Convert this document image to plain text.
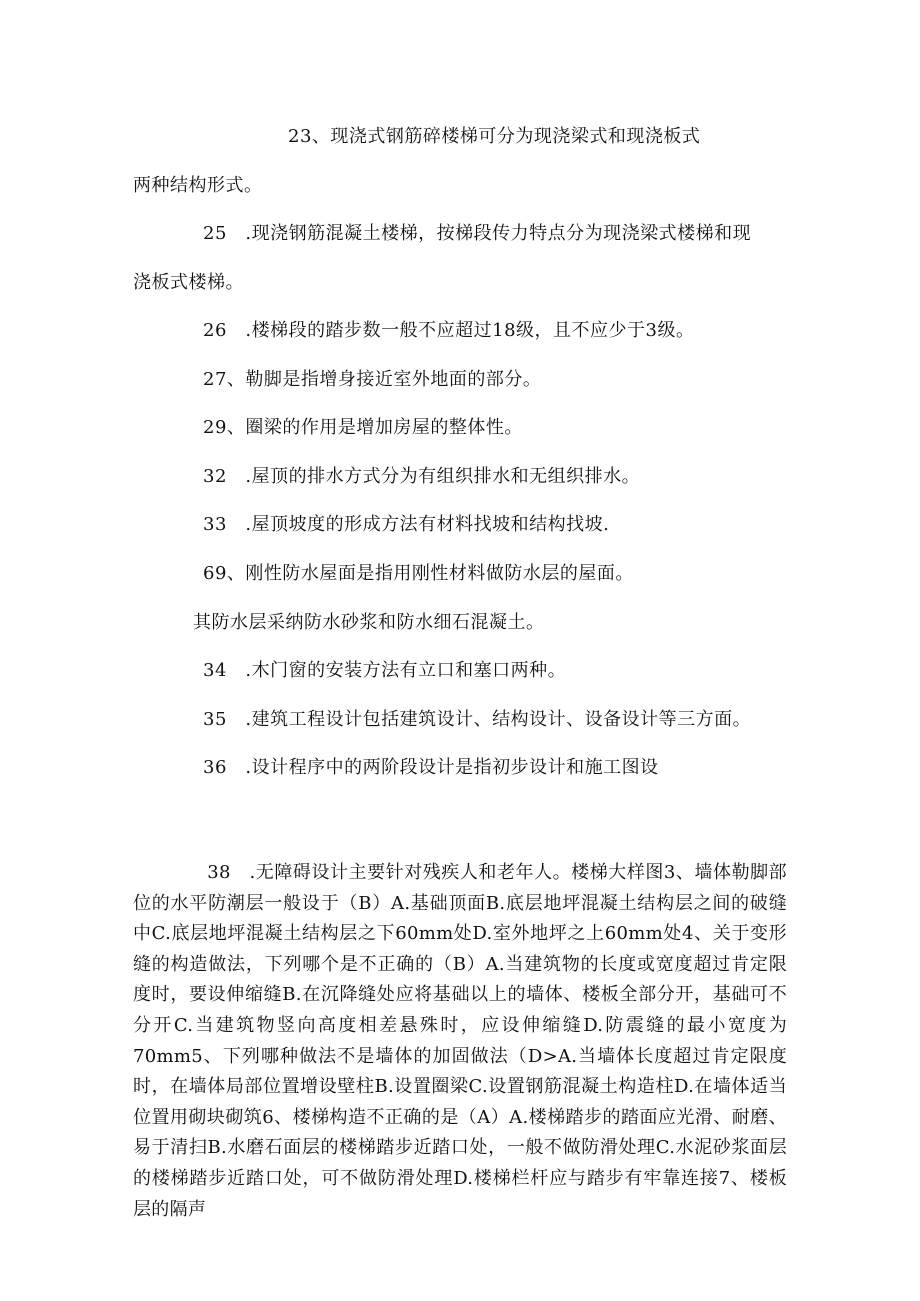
23、现浇式钢筋碎楼梯可分为现浇梁式和现浇板式
两种结构形式。
25　.现浇钢筋混凝土楼梯，按梯段传力特点分为现浇梁式楼梯和现
浇板式楼梯。
26　.楼梯段的踏步数一般不应超过18级，且不应少于3级。
27、勒脚是指增身接近室外地面的部分。
29、圈梁的作用是增加房屋的整体性。
32　.屋顶的排水方式分为有组织排水和无组织排水。
33　.屋顶坡度的形成方法有材料找坡和结构找坡.
69、刚性防水屋面是指用刚性材料做防水层的屋面。
其防水层采纳防水砂浆和防水细石混凝土。
34　.木门窗的安装方法有立口和塞口两种。
35　.建筑工程设计包括建筑设计、结构设计、设备设计等三方面。
36　.设计程序中的两阶段设计是指初步设计和施工图设
　　　　38　.无障碍设计主要针对残疾人和老年人。楼梯大样图3、墙体勒脚部位的水平防潮层一般设于（B）A.基础顶面B.底层地坪混凝土结构层之间的破缝中C.底层地坪混凝土结构层之下60mm处D.室外地坪之上60mm处4、关于变形缝的构造做法，下列哪个是不正确的（B）A.当建筑物的长度或宽度超过肯定限度时，要设伸缩缝B.在沉降缝处应将基础以上的墙体、楼板全部分开，基础可不分开C.当建筑物竖向高度相差悬殊时，应设伸缩缝D.防震缝的最小宽度为70mm5、下列哪种做法不是墙体的加固做法（D>A.当墙体长度超过肯定限度时，在墙体局部位置增设壁柱B.设置圈梁C.设置钢筋混凝土构造柱D.在墙体适当位置用砌块砌筑6、楼梯构造不正确的是（A）A.楼梯踏步的踏面应光滑、耐磨、易于清扫B.水磨石面层的楼梯踏步近踏口处，一般不做防滑处理C.水泥砂浆面层的楼梯踏步近踏口处，可不做防滑处理D.楼梯栏杆应与踏步有牢靠连接7、楼板层的隔声
